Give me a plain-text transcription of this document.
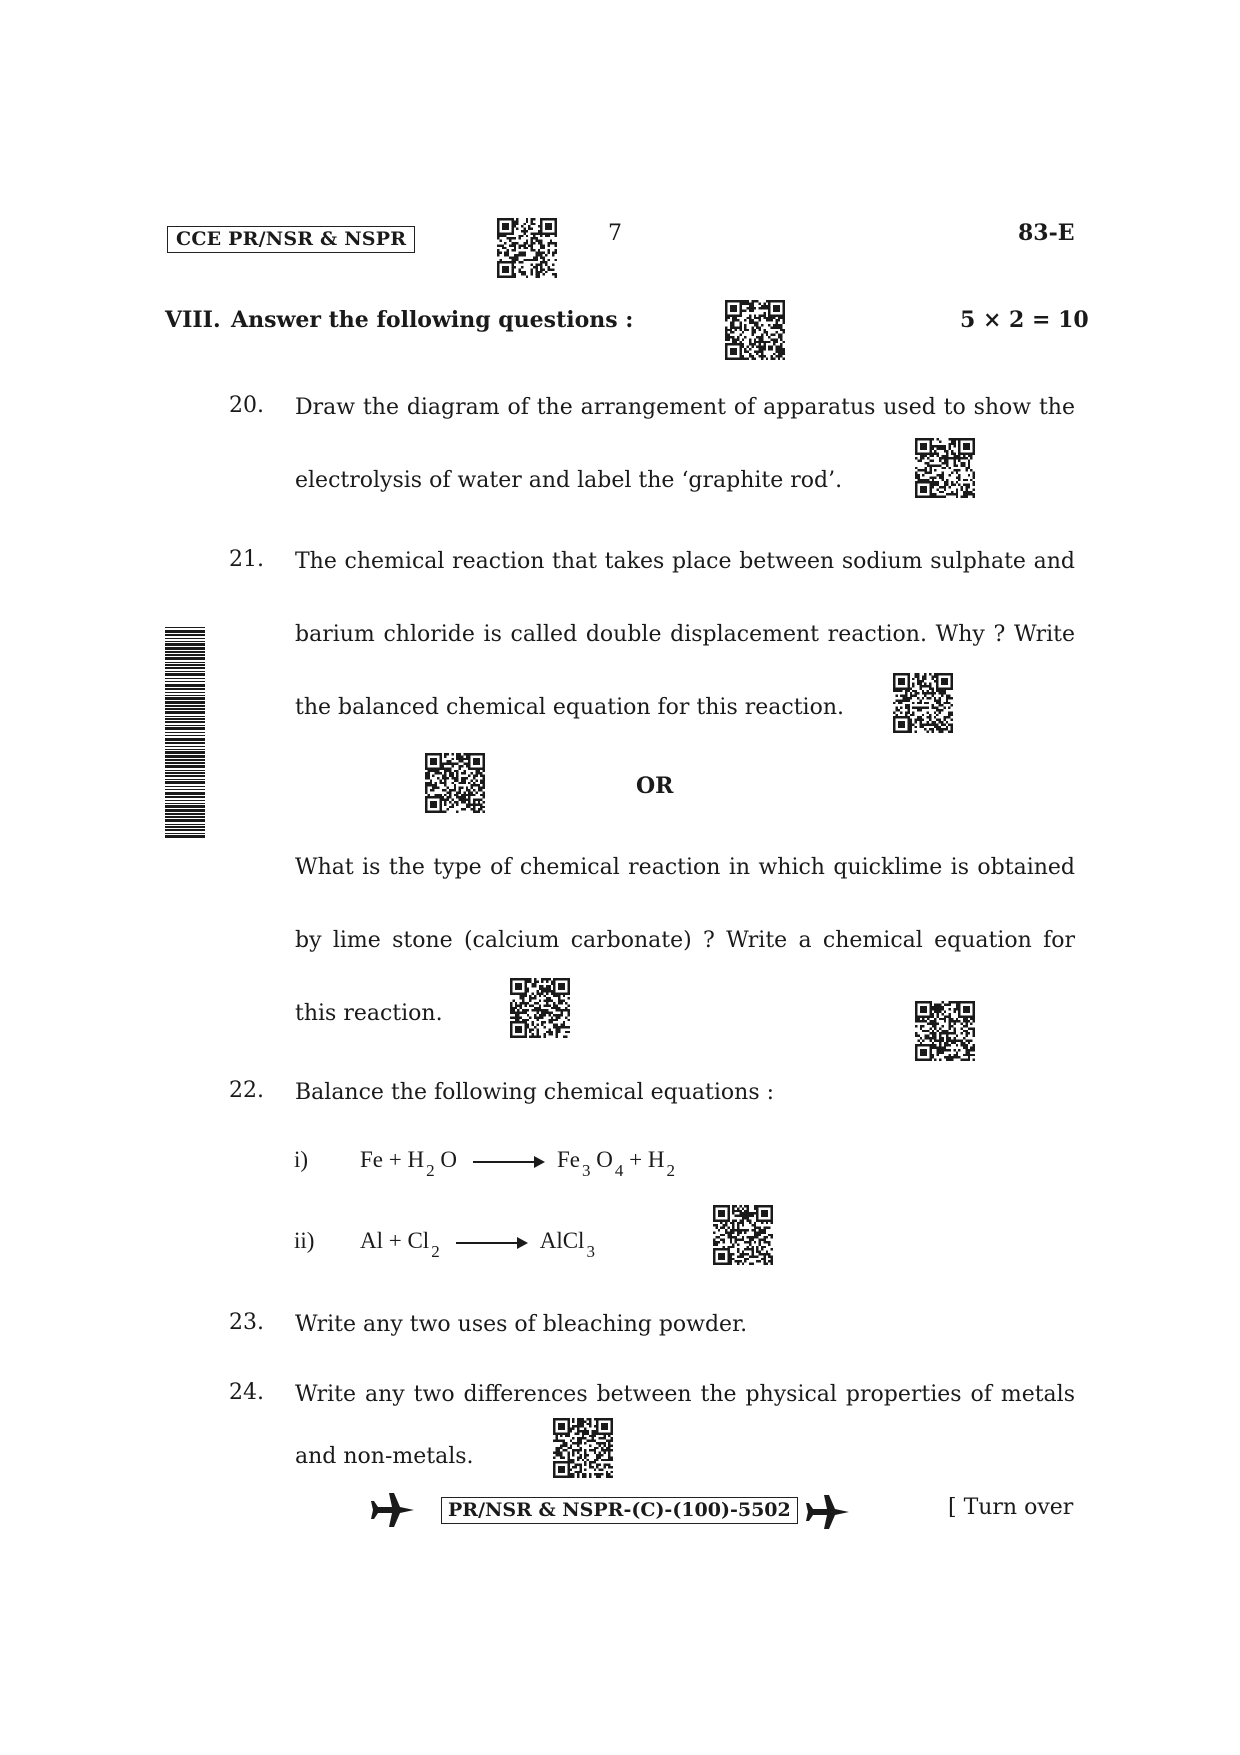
CCE PR/NSR & NSPR	7	83-E
VIII. Answer the following questions :	5 × 2 = 10
20. Draw the diagram of the arrangement of apparatus used to show the
electrolysis of water and label the ‘graphite rod’.
21. The chemical reaction that takes place between sodium sulphate and
barium chloride is called double displacement reaction. Why ? Write
the balanced chemical equation for this reaction.
OR
What is the type of chemical reaction in which quicklime is obtained
by lime stone (calcium carbonate) ? Write a chemical equation for
this reaction.
22. Balance the following chemical equations :
i) Fe + H $_2$ O → Fe $_3$ O $_4$ + H $_2$
ii) Al + Cl $_2$ → AlCl $_3$
23. Write any two uses of bleaching powder.
24. Write any two differences between the physical properties of metals
and non-metals.
PR/NSR & NSPR-(C)-(100)-5502	[ Turn over
